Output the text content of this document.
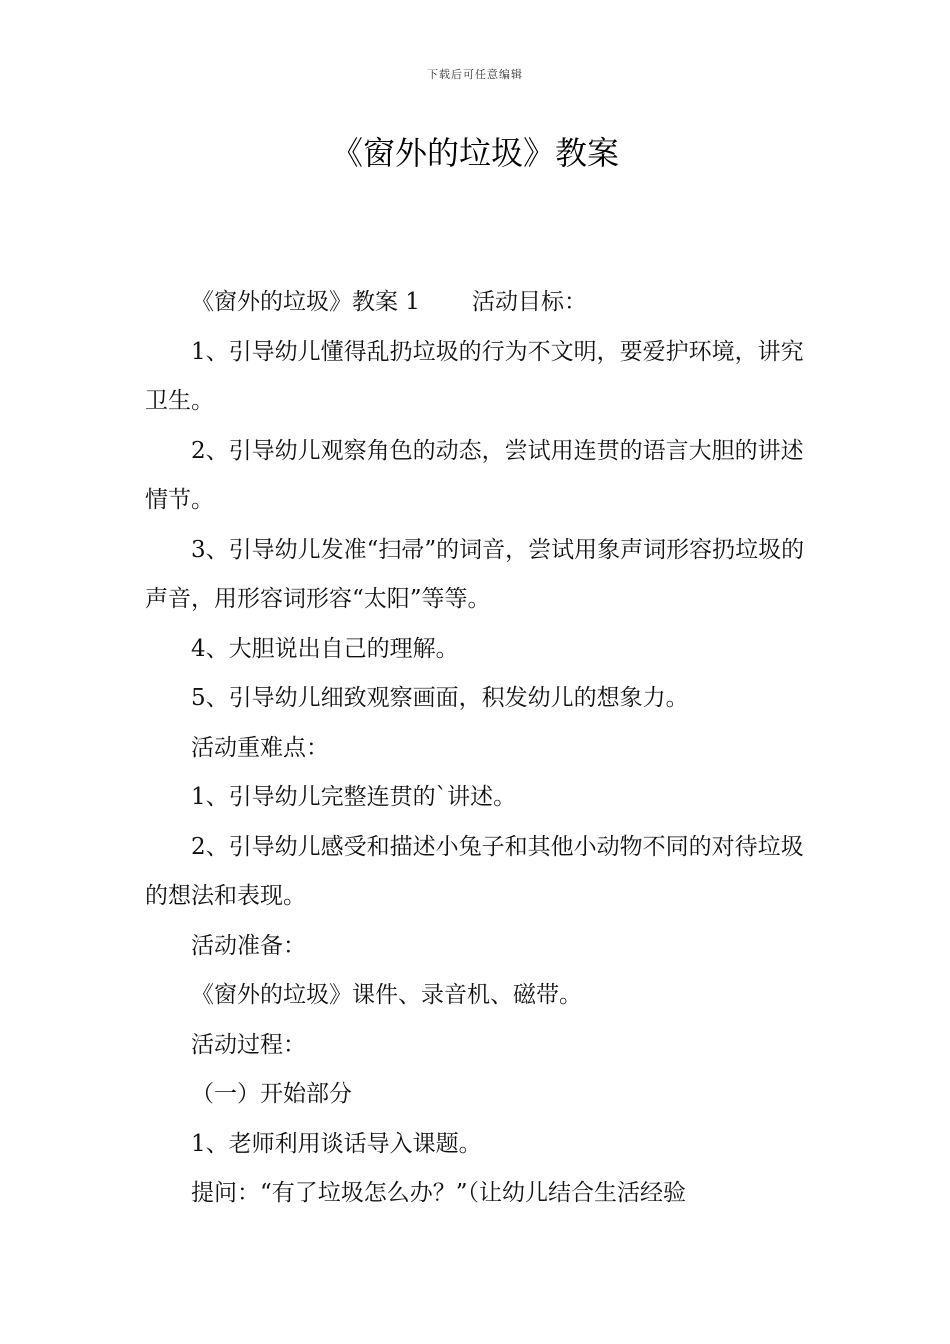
下载后可任意编辑
《窗外的垃圾》教案

《窗外的垃圾》教案 1 活动目标：

1、引导幼儿懂得乱扔垃圾的行为不文明，要爱护环境，讲究卫生。

2、引导幼儿观察角色的动态，尝试用连贯的语言大胆的讲述情节。

3、引导幼儿发准“扫帚”的词音，尝试用象声词形容扔垃圾的声音，用形容词形容“太阳”等等。

4、大胆说出自己的理解。

5、引导幼儿细致观察画面，积发幼儿的想象力。

活动重难点：

1、引导幼儿完整连贯的`讲述。

2、引导幼儿感受和描述小兔子和其他小动物不同的对待垃圾的想法和表现。

活动准备：

《窗外的垃圾》课件、录音机、磁带。

活动过程：

（一）开始部分

1、老师利用谈话导入课题。

提问：“有了垃圾怎么办？”（让幼儿结合生活经验
